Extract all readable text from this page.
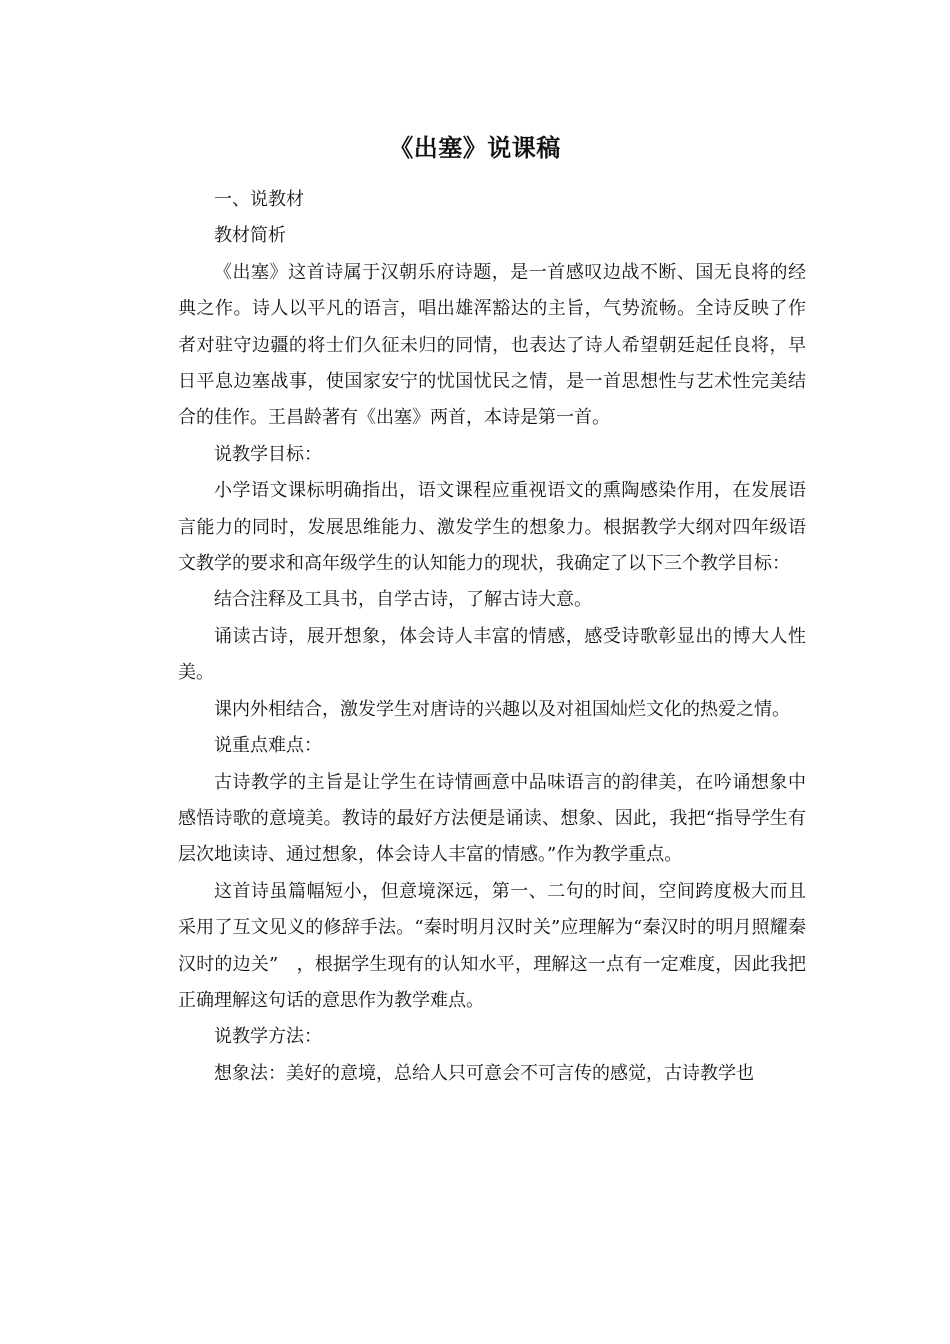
《出塞》说课稿

一、说教材

教材简析

《出塞》这首诗属于汉朝乐府诗题，是一首感叹边战不断、国无良将的经典之作。诗人以平凡的语言，唱出雄浑豁达的主旨，气势流畅。全诗反映了作者对驻守边疆的将士们久征未归的同情，也表达了诗人希望朝廷起任良将，早日平息边塞战事，使国家安宁的忧国忧民之情，是一首思想性与艺术性完美结合的佳作。王昌龄著有《出塞》两首，本诗是第一首。

说教学目标：

小学语文课标明确指出，语文课程应重视语文的熏陶感染作用，在发展语言能力的同时，发展思维能力、激发学生的想象力。根据教学大纲对四年级语文教学的要求和高年级学生的认知能力的现状，我确定了以下三个教学目标：

结合注释及工具书，自学古诗，了解古诗大意。

诵读古诗，展开想象，体会诗人丰富的情感，感受诗歌彰显出的博大人性美。

课内外相结合，激发学生对唐诗的兴趣以及对祖国灿烂文化的热爱之情。

说重点难点：

古诗教学的主旨是让学生在诗情画意中品味语言的韵律美，在吟诵想象中感悟诗歌的意境美。教诗的最好方法便是诵读、想象、因此，我把“指导学生有层次地读诗、通过想象，体会诗人丰富的情感。”作为教学重点。

这首诗虽篇幅短小，但意境深远，第一、二句的时间，空间跨度极大而且采用了互文见义的修辞手法。“秦时明月汉时关”应理解为“秦汉时的明月照耀秦汉时的边关”　，根据学生现有的认知水平，理解这一点有一定难度，因此我把正确理解这句话的意思作为教学难点。

说教学方法：

想象法：美好的意境，总给人只可意会不可言传的感觉，古诗教学也
